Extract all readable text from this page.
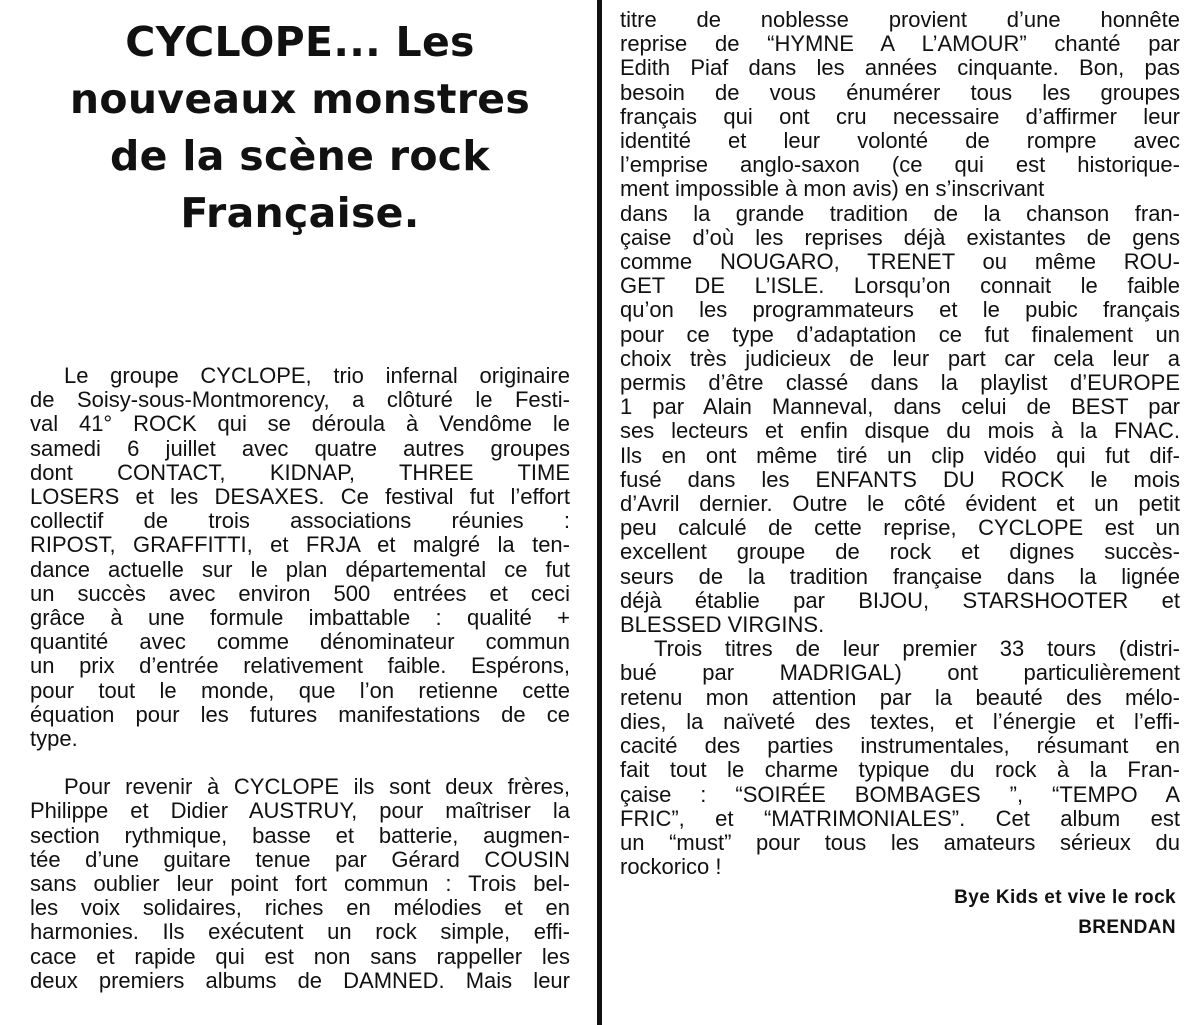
CYCLOPE... Les
nouveaux monstres
de la scène rock
Française.

Le groupe CYCLOPE, trio infernal originaire
de Soisy-sous-Montmorency, a clôturé le Festi-
val 41° ROCK qui se déroula à Vendôme le
samedi 6 juillet avec quatre autres groupes
dont CONTACT, KIDNAP, THREE TIME
LOSERS et les DESAXES. Ce festival fut l’effort
collectif de trois associations réunies :
RIPOST, GRAFFITTI, et FRJA et malgré la ten-
dance actuelle sur le plan départemental ce fut
un succès avec environ 500 entrées et ceci
grâce à une formule imbattable : qualité +
quantité avec comme dénominateur commun
un prix d’entrée relativement faible. Espérons,
pour tout le monde, que l’on retienne cette
équation pour les futures manifestations de ce
type.

Pour revenir à CYCLOPE ils sont deux frères,
Philippe et Didier AUSTRUY, pour maîtriser la
section rythmique, basse et batterie, augmen-
tée d’une guitare tenue par Gérard COUSIN
sans oublier leur point fort commun : Trois bel-
les voix solidaires, riches en mélodies et en
harmonies. Ils exécutent un rock simple, effi-
cace et rapide qui est non sans rappeller les
deux premiers albums de DAMNED. Mais leur

titre de noblesse provient d’une honnête
reprise de “HYMNE A L’AMOUR” chanté par
Edith Piaf dans les années cinquante. Bon, pas
besoin de vous énumérer tous les groupes
français qui ont cru necessaire d’affirmer leur
identité et leur volonté de rompre avec
l’emprise anglo-saxon (ce qui est historique-
ment impossible à mon avis) en s’inscrivant
dans la grande tradition de la chanson fran-
çaise d’où les reprises déjà existantes de gens
comme NOUGARO, TRENET ou même ROU-
GET DE L’ISLE. Lorsqu’on connait le faible
qu’on les programmateurs et le pubic français
pour ce type d’adaptation ce fut finalement un
choix très judicieux de leur part car cela leur a
permis d’être classé dans la playlist d’EUROPE
1 par Alain Manneval, dans celui de BEST par
ses lecteurs et enfin disque du mois à la FNAC.
Ils en ont même tiré un clip vidéo qui fut dif-
fusé dans les ENFANTS DU ROCK le mois
d’Avril dernier. Outre le côté évident et un petit
peu calculé de cette reprise, CYCLOPE est un
excellent groupe de rock et dignes succès-
seurs de la tradition française dans la lignée
déjà établie par BIJOU, STARSHOOTER et
BLESSED VIRGINS.

Trois titres de leur premier 33 tours (distri-
bué par MADRIGAL) ont particulièrement
retenu mon attention par la beauté des mélo-
dies, la naïveté des textes, et l’énergie et l’effi-
cacité des parties instrumentales, résumant en
fait tout le charme typique du rock à la Fran-
çaise : “SOIRÉE BOMBAGES ”, “TEMPO A
FRIC”, et “MATRIMONIALES”. Cet album est
un “must” pour tous les amateurs sérieux du
rockorico !

Bye Kids et vive le rock

BRENDAN
